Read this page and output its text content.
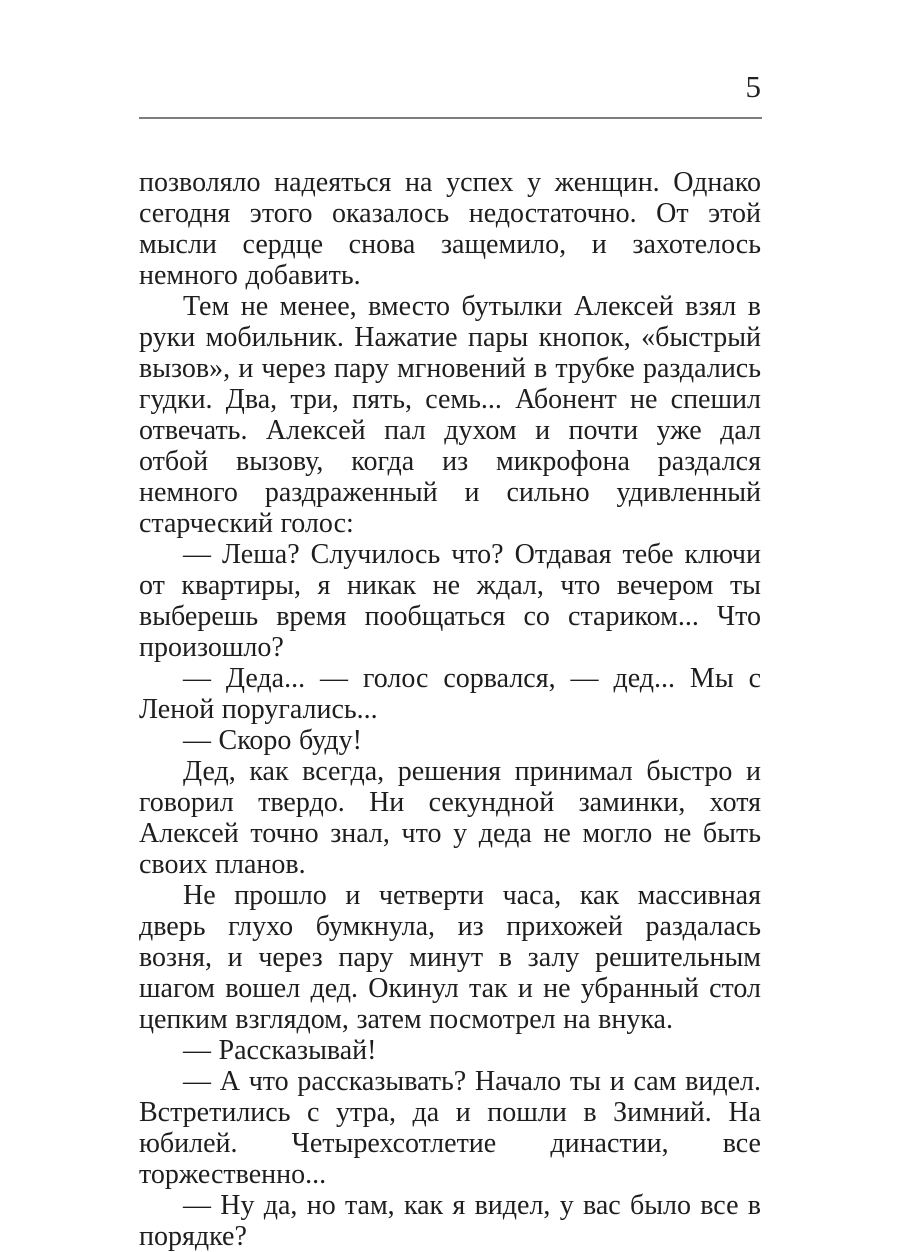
5

позволяло надеяться на успех у женщин. Однако сегодня этого оказалось недостаточно. От этой мысли сердце снова защемило, и захотелось немного добавить.

Тем не менее, вместо бутылки Алексей взял в руки мобильник. Нажатие пары кнопок, «быстрый вызов», и через пару мгновений в трубке раздались гудки. Два, три, пять, семь... Абонент не спешил отвечать. Алексей пал духом и почти уже дал отбой вызову, когда из микрофона раздался немного раздраженный и сильно удивленный старческий голос:

— Леша? Случилось что? Отдавая тебе ключи от квартиры, я никак не ждал, что вечером ты выберешь время пообщаться со стариком... Что произошло?

— Деда... — голос сорвался, — дед... Мы с Леной поругались...

— Скоро буду!

Дед, как всегда, решения принимал быстро и говорил твердо. Ни секундной заминки, хотя Алексей точно знал, что у деда не могло не быть своих планов.

Не прошло и четверти часа, как массивная дверь глухо бумкнула, из прихожей раздалась возня, и через пару минут в залу решительным шагом вошел дед. Окинул так и не убранный стол цепким взглядом, затем посмотрел на внука.

— Рассказывай!

— А что рассказывать? Начало ты и сам видел. Встретились с утра, да и пошли в Зимний. На юбилей. Четырехсотлетие династии, все торжественно...

— Ну да, но там, как я видел, у вас было все в порядке?
